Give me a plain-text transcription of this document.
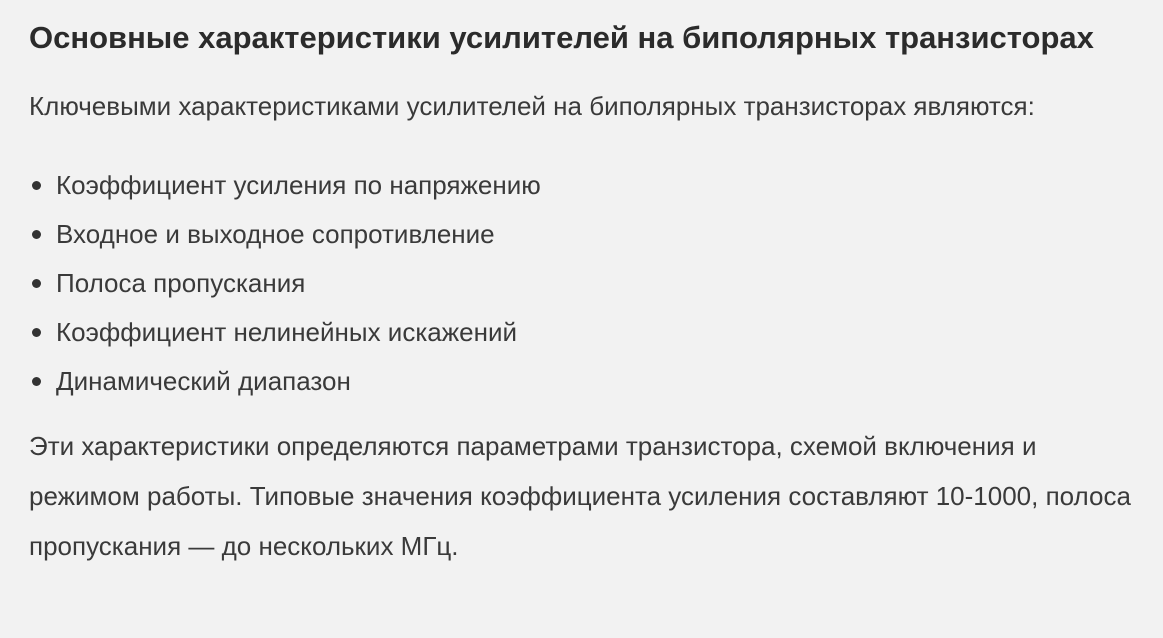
Основные характеристики усилителей на биполярных транзисторах

Ключевыми характеристиками усилителей на биполярных транзисторах являются:

Коэффициент усиления по напряжению
Входное и выходное сопротивление
Полоса пропускания
Коэффициент нелинейных искажений
Динамический диапазон

Эти характеристики определяются параметрами транзистора, схемой включения и режимом работы. Типовые значения коэффициента усиления составляют 10-1000, полоса пропускания — до нескольких МГц.
